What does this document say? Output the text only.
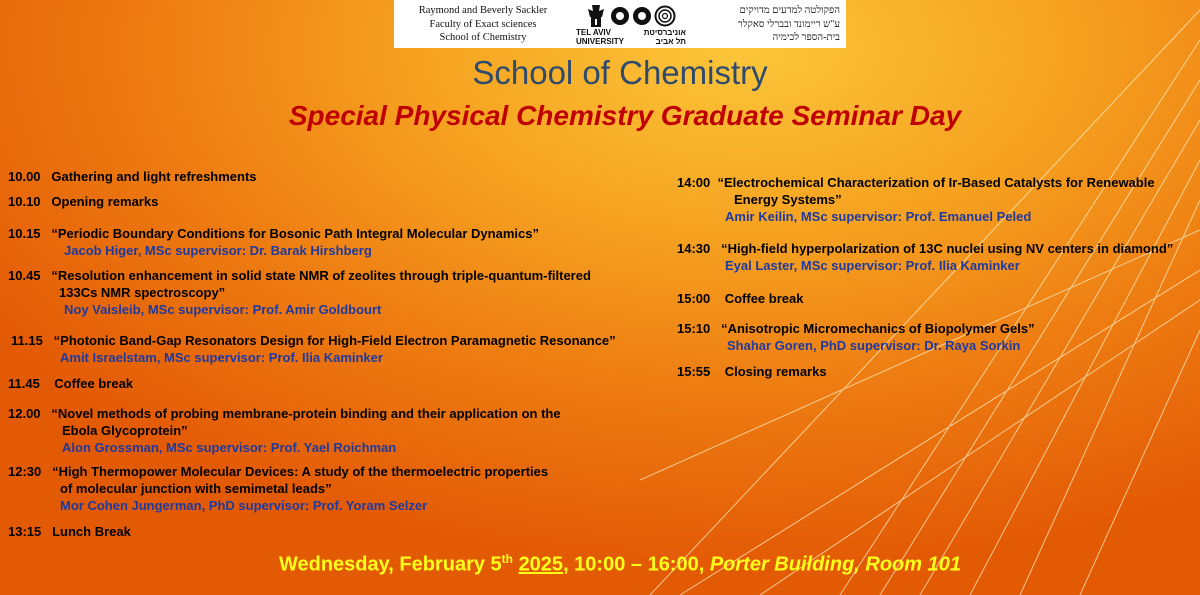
Raymond and Beverly Sackler
Faculty of Exact sciences
School of Chemistry	TEL AVIV
UNIVERSITY
אוניברסיטת
תל אביב
הפקולטה למדעים מדויקים
ע"ש ריימונד ובברלי סאקלר
בית-הספר לכימיה
School of Chemistry
Special Physical Chemistry Graduate Seminar Day
10.00 Gathering and light refreshments
10.10 Opening remarks
10.15 “Periodic Boundary Conditions for Bosonic Path Integral Molecular Dynamics”
Jacob Higer, MSc supervisor: Dr. Barak Hirshberg
10.45 “Resolution enhancement in solid state NMR of zeolites through triple-quantum-filtered
133Cs NMR spectroscopy”
Noy Vaisleib, MSc supervisor: Prof. Amir Goldbourt
11.15 “Photonic Band-Gap Resonators Design for High-Field Electron Paramagnetic Resonance”
Amit Israelstam, MSc supervisor: Prof. Ilia Kaminker
11.45 Coffee break
12.00 “Novel methods of probing membrane-protein binding and their application on the
Ebola Glycoprotein”
Alon Grossman, MSc supervisor: Prof. Yael Roichman
12:30 “High Thermopower Molecular Devices: A study of the thermoelectric properties
of molecular junction with semimetal leads”
Mor Cohen Jungerman, PhD supervisor: Prof. Yoram Selzer
13:15 Lunch Break
14:00 “Electrochemical Characterization of Ir-Based Catalysts for Renewable
Energy Systems”
Amir Keilin, MSc supervisor: Prof. Emanuel Peled
14:30 “High-field hyperpolarization of 13C nuclei using NV centers in diamond”
Eyal Laster, MSc supervisor: Prof. Ilia Kaminker
15:00 Coffee break
15:10 “Anisotropic Micromechanics of Biopolymer Gels”
Shahar Goren, PhD supervisor: Dr. Raya Sorkin
15:55 Closing remarks
Wednesday, February 5th 2025, 10:00 – 16:00, Porter Building, Room 101
